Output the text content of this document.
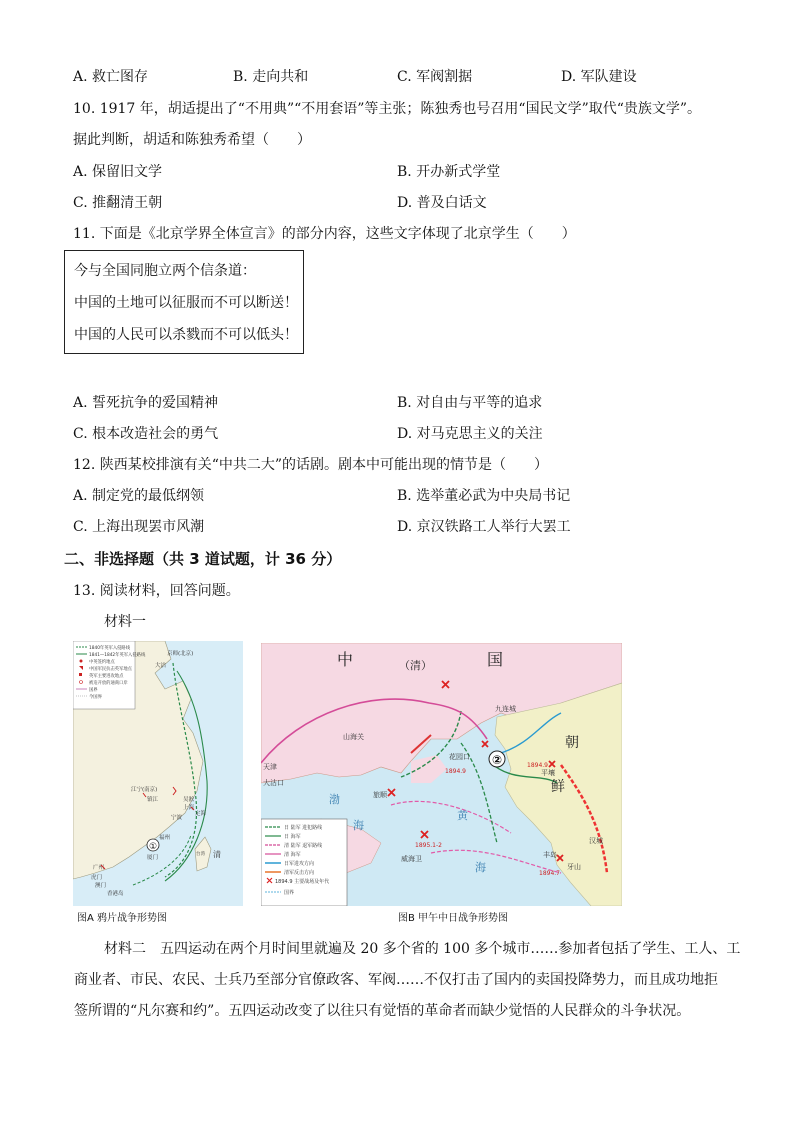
A. 救亡图存	B. 走向共和	C. 军阀割据	D. 军队建设
10. 1917 年，胡适提出了“不用典”“不用套语”等主张；陈独秀也号召用“国民文学”取代“贵族文学”。
据此判断，胡适和陈独秀希望（　　）
A. 保留旧文学	B. 开办新式学堂
C. 推翻清王朝	D. 普及白话文
11. 下面是《北京学界全体宣言》的部分内容，这些文字体现了北京学生（　　）
今与全国同胞立两个信条道：
中国的土地可以征服而不可以断送！
中国的人民可以杀戮而不可以低头！
A. 誓死抗争的爱国精神	B. 对自由与平等的追求
C. 根本改造社会的勇气	D. 对马克思主义的关注
12. 陕西某校排演有关“中共二大”的话剧。剧本中可能出现的情节是（　　）
A. 制定党的最低纲领	B. 选举董必武为中央局书记
C. 上海出现罢市风潮	D. 京汉铁路工人举行大罢工
二、非选择题（共 3 道试题，计 36 分）
13. 阅读材料，回答问题。
材料一
1840年英军入侵路线
1841—1842年英军入侵路线
中英签约地点
中国军民抗击英军地点
英军主要进攻地点
被迫开放的通商口岸
国界
今国界
京师(北京)
大沽
江宁(南京)
镇江	吴淞
上海
宁波
定海
福州
厦门
广州
虎门
澳门
香港岛
台湾 清
①
图A 鸦片战争形势图
中	（清）	国
朝
鲜
山海关
天津
大沽口
旅顺
花园口
九连城
平壤
汉城
牙山
丰岛
威海卫
渤
海
黄
海
1894.9
1894.9
1895.1-2
1894.7
②
日 陆军 进犯路线
日 海军
清 陆军 退军路线
清 海军
日军进攻方向
清军反击方向
1894.9 主要战场及年代
国界
图B 甲午中日战争形势图
材料二　五四运动在两个月时间里就遍及 20 多个省的 100 多个城市……参加者包括了学生、工人、工
商业者、市民、农民、士兵乃至部分官僚政客、军阀……不仅打击了国内的卖国投降势力，而且成功地拒
签所谓的“凡尔赛和约”。五四运动改变了以往只有觉悟的革命者而缺少觉悟的人民群众的斗争状况。
